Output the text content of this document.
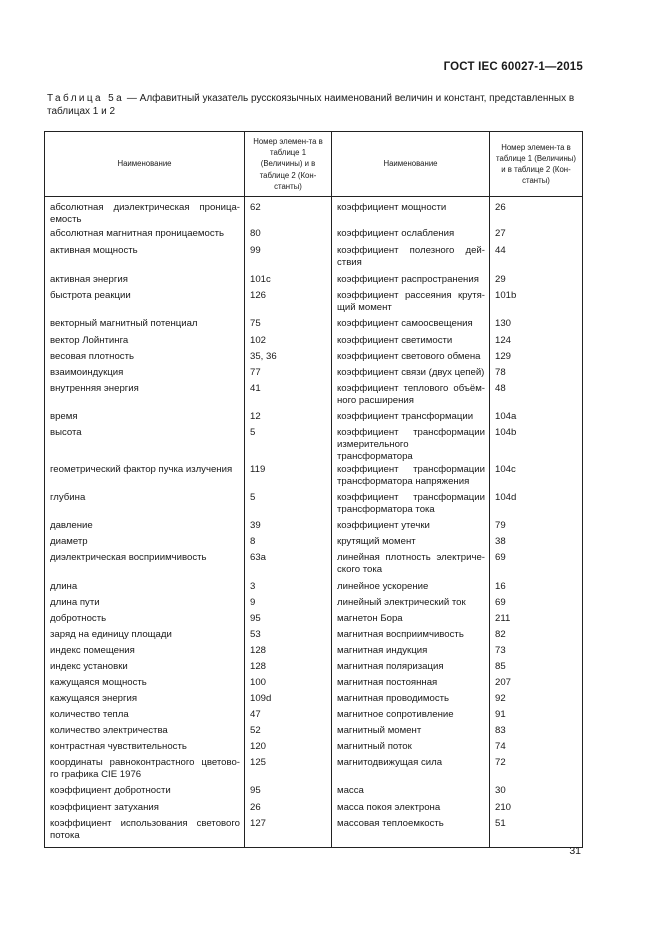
ГОСТ IEC 60027-1—2015
Таблица 5а — Алфавитный указатель русскоязычных наименований величин и констант, представленных в таблицах 1 и 2
Наименование	Номер элемен-та в таблице 1 (Величины) и в таблице 2 (Кон-станты)	Наименование	Номер элемен-та в таблице 1 (Величины) и в таблице 2 (Кон-станты)
абсолютная диэлектрическая проница-емость	62	коэффициент мощности	26
абсолютная магнитная проницаемость	80	коэффициент ослабления	27
активная мощность	99	коэффициент полезного дей-ствия	44
активная энергия	101с	коэффициент распространения	29
быстрота реакции	126	коэффициент рассеяния крутя-щий момент	101b
векторный магнитный потенциал	75	коэффициент самоосвещения	130
вектор Лойнтинга	102	коэффициент светимости	124
весовая плотность	35, 36	коэффициент светового обмена	129
взаимоиндукция	77	коэффициент связи (двух цепей)	78
внутренняя энергия	41	коэффициент теплового объём-ного расширения	48
время	12	коэффициент трансформации	104а
высота	5	коэффициент трансформации измерительного трансформатора	104b
геометрический фактор пучка излучения	119	коэффициент трансформации трансформатора напряжения	104с
глубина	5	коэффициент трансформации трансформатора тока	104d
давление	39	коэффициент утечки	79
диаметр	8	крутящий момент	38
диэлектрическая восприимчивость	63а	линейная плотность электриче-ского тока	69
длина	3	линейное ускорение	16
длина пути	9	линейный электрический ток	69
добротность	95	магнетон Бора	211
заряд на единицу площади	53	магнитная восприимчивость	82
индекс помещения	128	магнитная индукция	73
индекс установки	128	магнитная поляризация	85
кажущаяся мощность	100	магнитная постоянная	207
кажущаяся энергия	109d	магнитная проводимость	92
количество тепла	47	магнитное сопротивление	91
количество электричества	52	магнитный момент	83
контрастная чувствительность	120	магнитный поток	74
координаты равноконтрастного цветово-го графика CIE 1976	125	магнитодвижущая сила	72
коэффициент добротности	95	масса	30
коэффициент затухания	26	масса покоя электрона	210
коэффициент использования светового потока	127	массовая теплоемкость	51
31
